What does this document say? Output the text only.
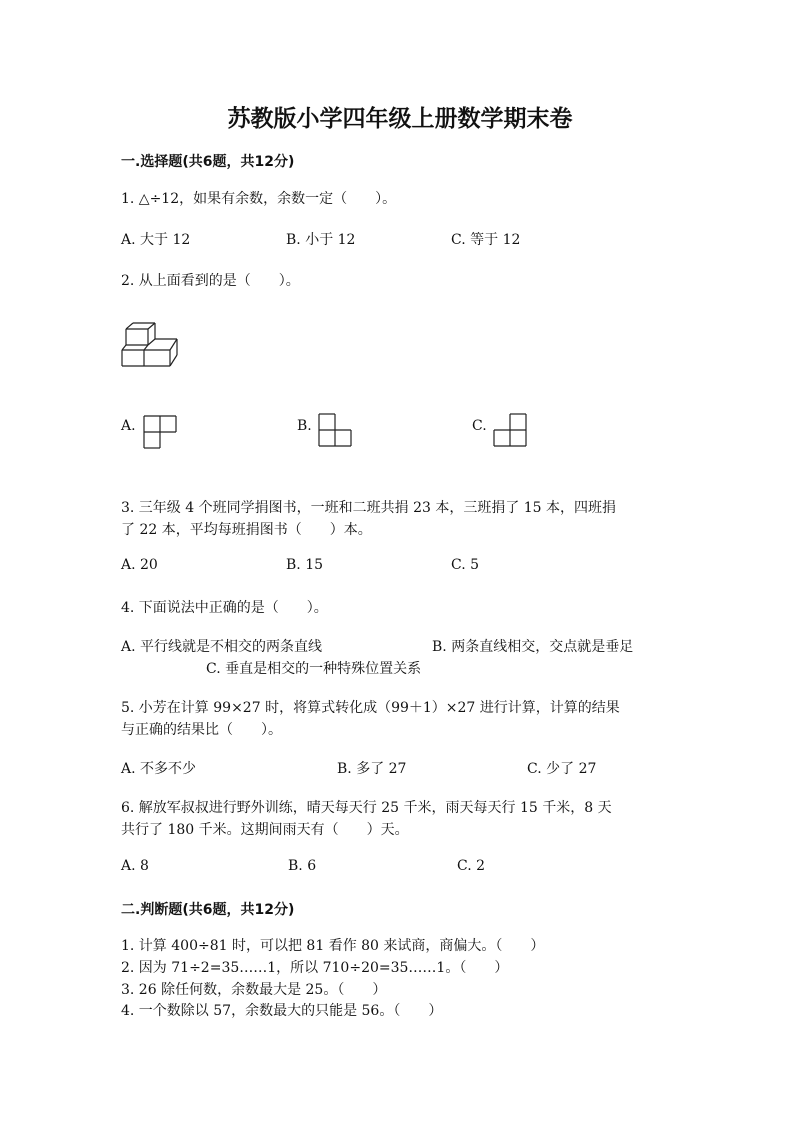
苏教版小学四年级上册数学期末卷
一.选择题(共6题，共12分)
1. △÷12，如果有余数，余数一定（　　）。
A. 大于 12	B. 小于 12	C. 等于 12
2. 从上面看到的是（　　）。
A.	B.	C.
3. 三年级 4 个班同学捐图书，一班和二班共捐 23 本，三班捐了 15 本，四班捐
了 22 本，平均每班捐图书（　　）本。
A. 20	B. 15	C. 5
4. 下面说法中正确的是（　　）。
A. 平行线就是不相交的两条直线	B. 两条直线相交，交点就是垂足
C. 垂直是相交的一种特殊位置关系
5. 小芳在计算 99×27 时，将算式转化成（99＋1）×27 进行计算，计算的结果
与正确的结果比（　　）。
A. 不多不少	B. 多了 27	C. 少了 27
6. 解放军叔叔进行野外训练，晴天每天行 25 千米，雨天每天行 15 千米，8 天
共行了 180 千米。这期间雨天有（　　）天。
A. 8	B. 6	C. 2
二.判断题(共6题，共12分)
1. 计算 400÷81 时，可以把 81 看作 80 来试商，商偏大。（　　）
2. 因为 71÷2=35……1，所以 710÷20=35……1。（　　）
3. 26 除任何数，余数最大是 25。（　　）
4. 一个数除以 57，余数最大的只能是 56。（　　）
